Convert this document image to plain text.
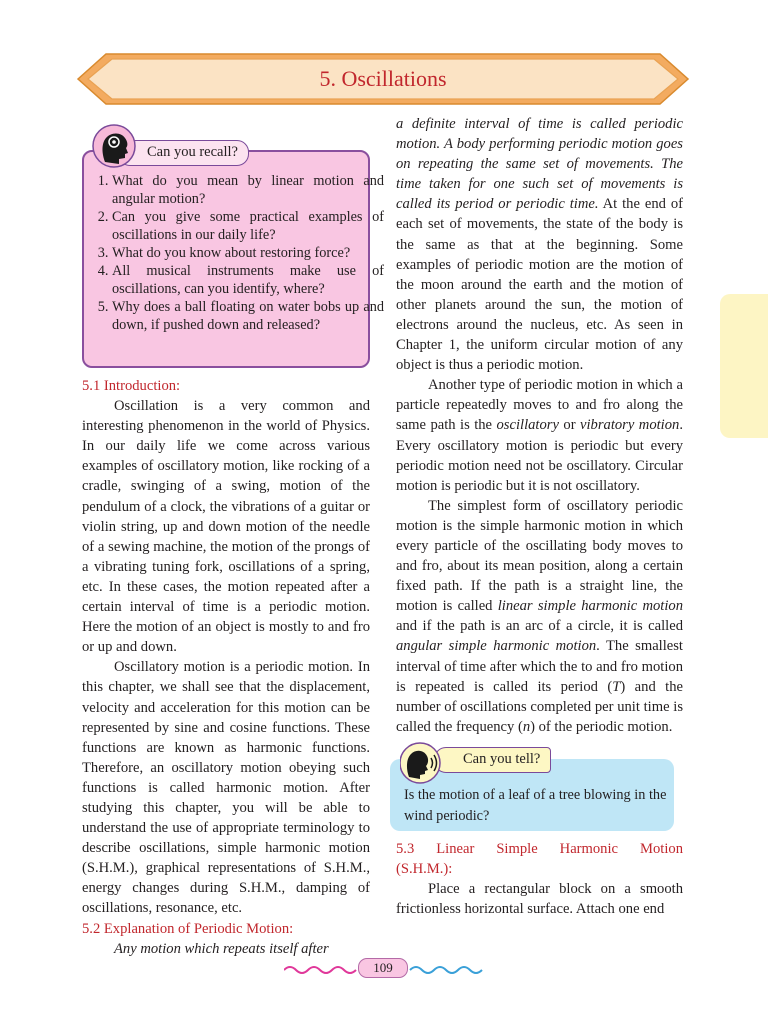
5. Oscillations
Can you recall?
1. What do you mean by linear motion and angular motion?
2. Can you give some practical examples of oscillations in our daily life?
3. What do you know about restoring force?
4. All musical instruments make use of oscillations, can you identify, where?
5. Why does a ball floating on water bobs up and down, if pushed down and released?
5.1 Introduction:

Oscillation is a very common and interesting phenomenon in the world of Physics. In our daily life we come across various examples of oscillatory motion, like rocking of a cradle, swinging of a swing, motion of the pendulum of a clock, the vibrations of a guitar or violin string, up and down motion of the needle of a sewing machine, the motion of the prongs of a vibrating tuning fork, oscillations of a spring, etc. In these cases, the motion repeated after a certain interval of time is a periodic motion. Here the motion of an object is mostly to and fro or up and down.

Oscillatory motion is a periodic motion. In this chapter, we shall see that the displacement, velocity and acceleration for this motion can be represented by sine and cosine functions. These functions are known as harmonic functions. Therefore, an oscillatory motion obeying such functions is called harmonic motion. After studying this chapter, you will be able to understand the use of appropriate terminology to describe oscillations, simple harmonic motion (S.H.M.), graphical representations of S.H.M., energy changes during S.H.M., damping of oscillations, resonance, etc.

5.2 Explanation of Periodic Motion:

Any motion which repeats itself after

a definite interval of time is called periodic motion. A body performing periodic motion goes on repeating the same set of movements. The time taken for one such set of movements is called its period or periodic time. At the end of each set of movements, the state of the body is the same as that at the beginning. Some examples of periodic motion are the motion of the moon around the earth and the motion of other planets around the sun, the motion of electrons around the nucleus, etc. As seen in Chapter 1, the uniform circular motion of any object is thus a periodic motion.

Another type of periodic motion in which a particle repeatedly moves to and fro along the same path is the oscillatory or vibratory motion. Every oscillatory motion is periodic but every periodic motion need not be oscillatory. Circular motion is periodic but it is not oscillatory.

The simplest form of oscillatory periodic motion is the simple harmonic motion in which every particle of the oscillating body moves to and fro, about its mean position, along a certain fixed path. If the path is a straight line, the motion is called linear simple harmonic motion and if the path is an arc of a circle, it is called angular simple harmonic motion. The smallest interval of time after which the to and fro motion is repeated is called its period (T) and the number of oscillations completed per unit time is called the frequency (n) of the periodic motion.

Can you tell?
Is the motion of a leaf of a tree blowing in the wind periodic?
5.3 Linear Simple Harmonic Motion (S.H.M.):

Place a rectangular block on a smooth frictionless horizontal surface. Attach one end

109
